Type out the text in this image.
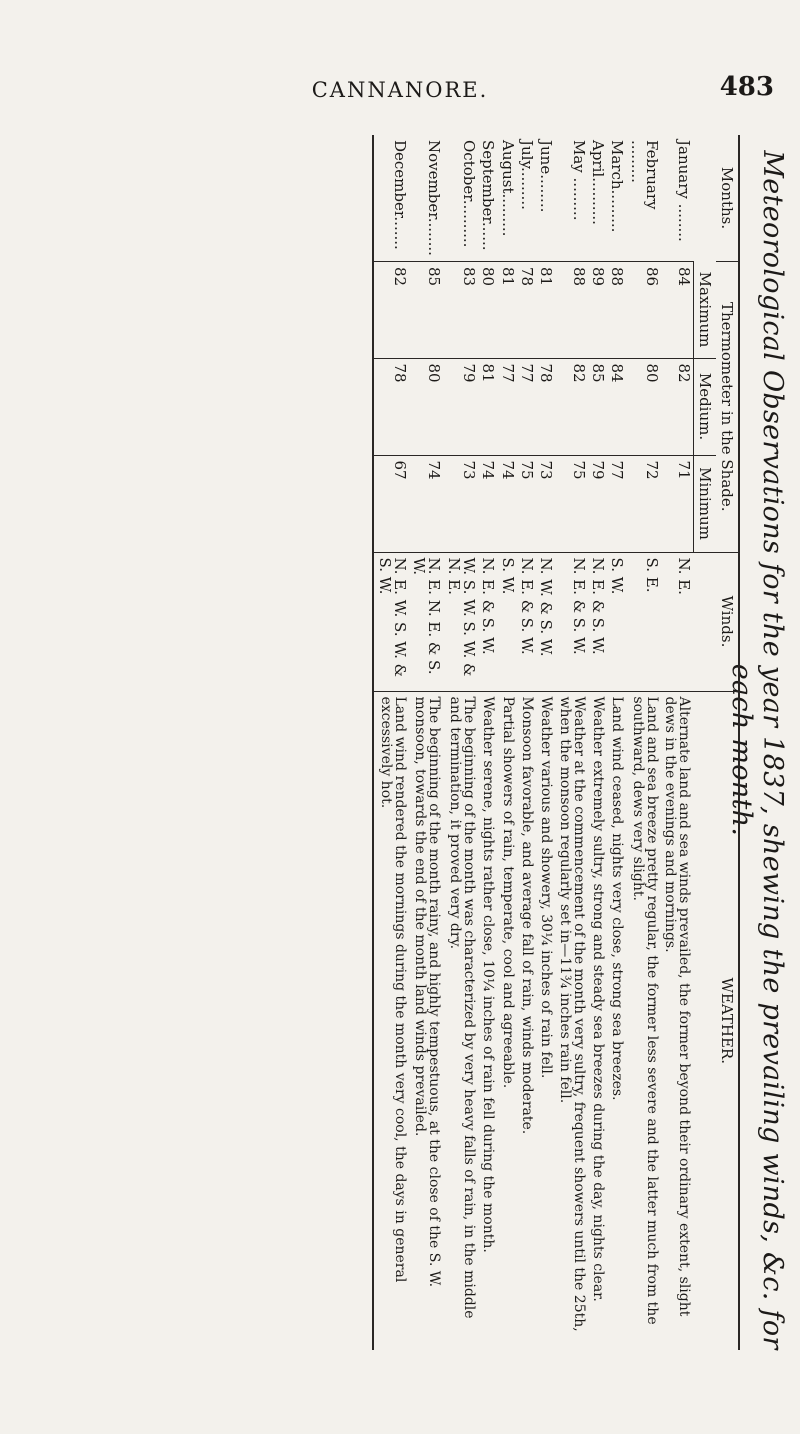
CANNANORE.	483
Meteorological Observations for the year 1837, shewing the prevailing winds, &c. for each month.
Months.	Thermometer in the Shade.			Winds.	WEATHER.
	Maximum	Medium.	Minimum		
January ........	84	82	71	N. E.	Alternate land and sea winds prevailed, the former beyond their ordinary extent, slight dews in the evenings and mornings.
February .........	86	80	72	S. E.	Land and sea breeze pretty regular, the former less severe and the latter much from the southward, dews very slight.
March.........	88	84	77	S. W.	Land wind ceased, nights very close, strong sea breezes.
April..........	89	85	79	N. E. & S. W.	Weather extremely sultry, strong and steady sea breezes during the day, nights clear.
May .........	88	82	75	N. E. & S. W.	Weather at the commencement of the month very sultry, frequent showers until the 25th, when the monsoon regularly set in—11¾ inches rain fell.
June........	81	78	73	N. W. & S. W.	Weather various and showery, 30¼ inches of rain fell.
July.........	78	77	75	N. E. & S. W.	Monsoon favorable, and average fall of rain, winds moderate.
August.........	81	77	74	S. W.	Partial showers of rain, temperate, cool and agreeable.
September......	80	81	74	N. E. & S. W.	Weather serene, nights rather close, 10¼ inches of rain fell during the month.
October..........	83	79	73	W. S. W. S. W. & N. E.	The beginning of the month was characterized by very heavy falls of rain, in the middle and termination, it proved very dry.
November........	85	80	74	N. E. N. E. & S. W.	The beginning of the month rainy, and highly tempestuous, at the close of the S. W. monsoon, towards the end of the month land winds prevailed.
December.......	82	78	67	N. E. W. S. W. & S. W.	Land wind rendered the mornings during the month very cool, the days in general excessively hot.
